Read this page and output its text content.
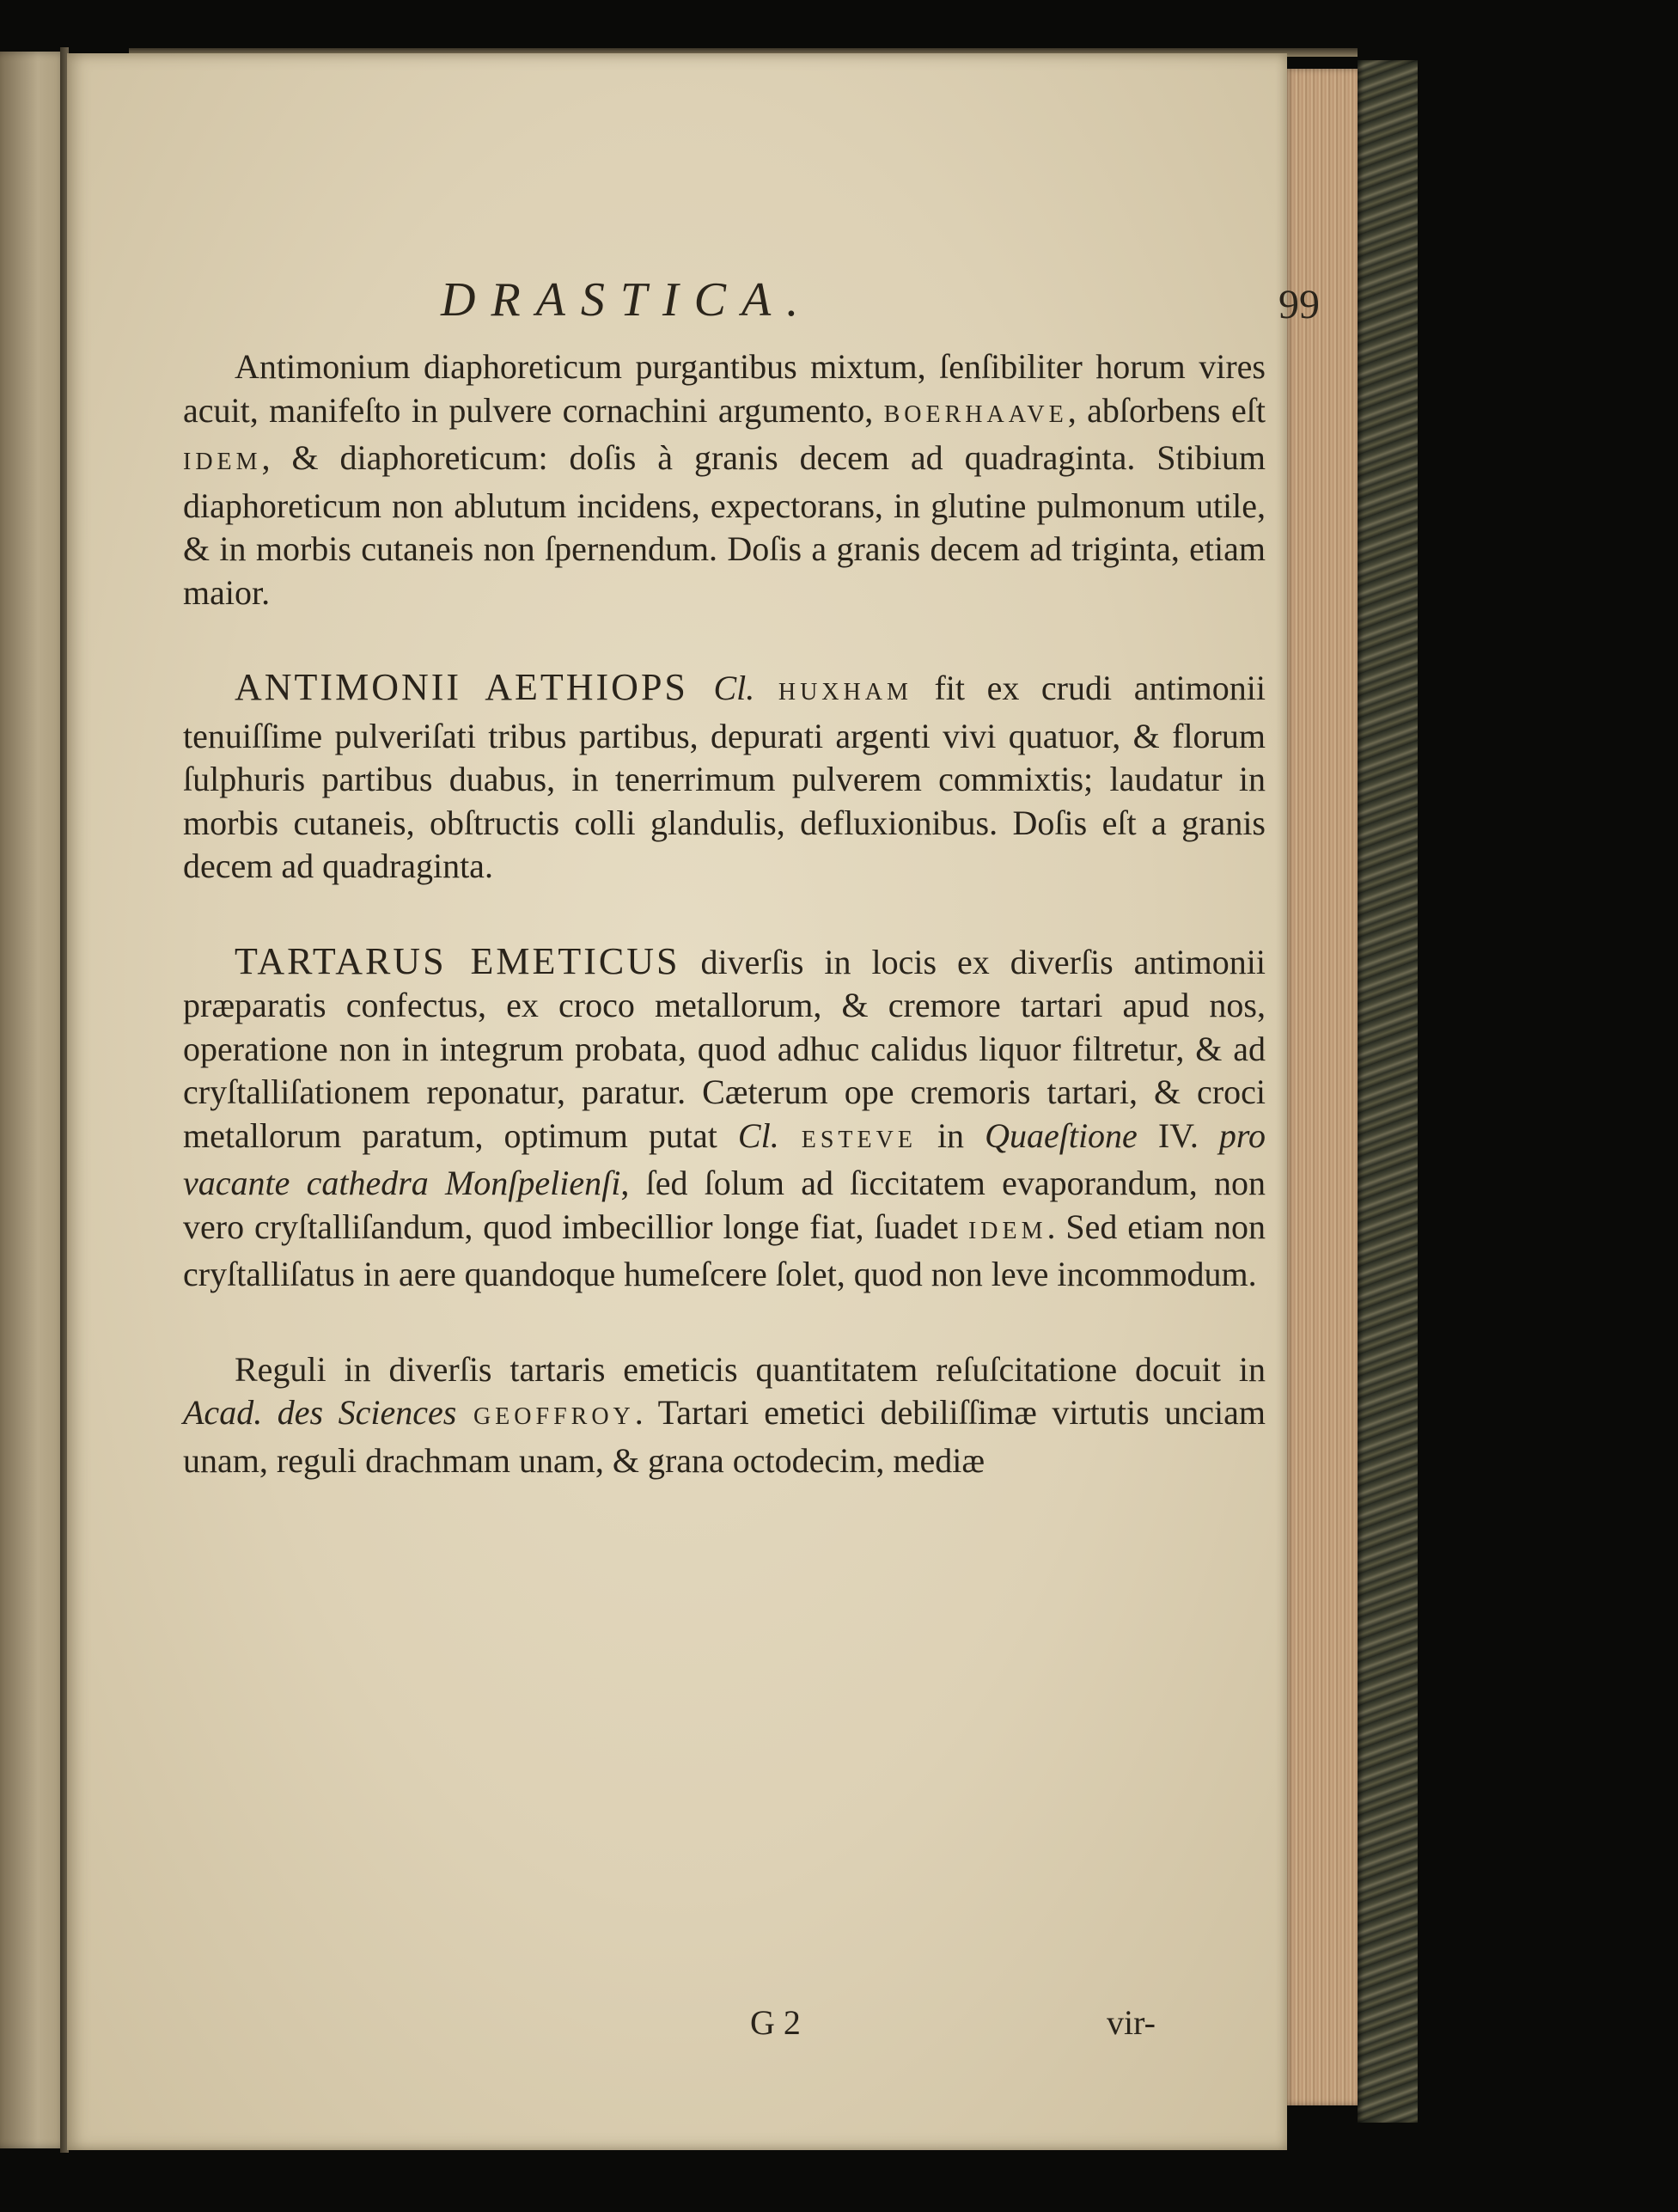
DRASTICA.	99

Antimonium diaphoreticum purgantibus mixtum, ſenſibiliter horum vires acuit, manifeſto in pulvere cornachini argumento, BOERHAAVE, abſorbens eſt IDEM, & diaphoreticum: doſis à granis decem ad quadraginta. Stibium diaphoreticum non ablutum incidens, expectorans, in glutine pulmonum utile, & in morbis cutaneis non ſpernendum. Doſis a granis decem ad triginta, etiam maior.

ANTIMONII AETHIOPS Cl. HUXHAM fit ex crudi antimonii tenuiſſime pulveriſati tribus partibus, depurati argenti vivi quatuor, & florum ſulphuris partibus duabus, in tenerrimum pulverem commixtis; laudatur in morbis cutaneis, obſtructis colli glandulis, defluxionibus. Doſis eſt a granis decem ad quadraginta.

TARTARUS EMETICUS diverſis in locis ex diverſis antimonii præparatis confectus, ex croco metallorum, & cremore tartari apud nos, operatione non in integrum probata, quod adhuc calidus liquor filtretur, & ad cryſtalliſationem reponatur, paratur. Cæterum ope cremoris tartari, & croci metallorum paratum, optimum putat Cl. ESTEVE in Quaeſtione IV. pro vacante cathedra Monſpelienſi, ſed ſolum ad ſiccitatem evaporandum, non vero cryſtalliſandum, quod imbecillior longe fiat, ſuadet IDEM. Sed etiam non cryſtalliſatus in aere quandoque humeſcere ſolet, quod non leve incommodum.

Reguli in diverſis tartaris emeticis quantitatem reſuſcitatione docuit in Acad. des Sciences GEOFFROY. Tartari emetici debiliſſimæ virtutis unciam unam, reguli drachmam unam, & grana octodecim, mediæ

G 2	vir-
